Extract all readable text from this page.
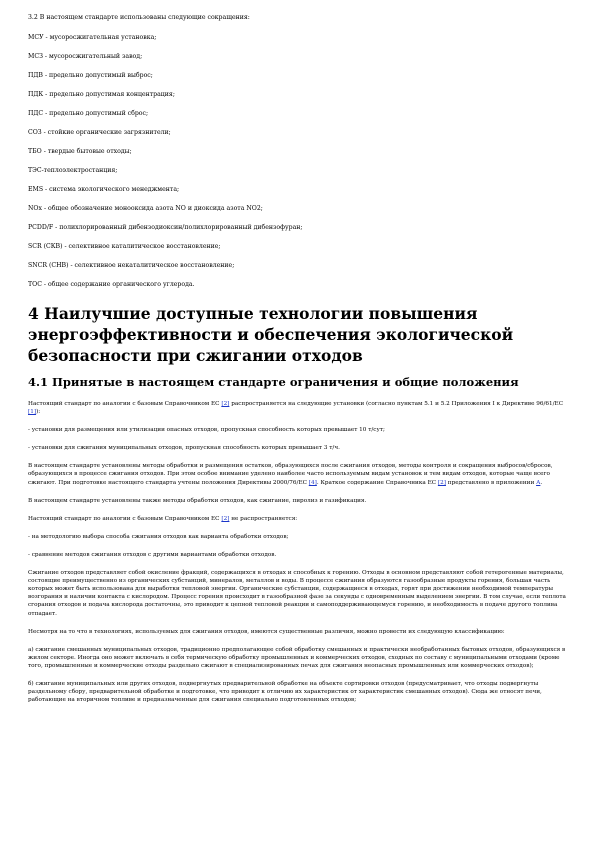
3.2 В настоящем стандарте использованы следующие сокращения:

МСУ - мусоросжигательная установка;

МСЗ - мусоросжигательный завод;

ПДВ - предельно допустимый выброс;

ПДК - предельно допустимая концентрация;

ПДС - предельно допустимый сброс;

СОЗ - стойкие органические загрязнители;

ТБО - твердые бытовые отходы;

ТЭС-теплоэлектростанция;

EMS - система экологического менеджмента;

NOх - общее обозначение монооксида азота NO и диоксида азота NO2;

PCDD/F - полихлорированный дибензодиоксин/полихлорированный дибензофуран;

SCR (СКВ) - селективное каталитическое восстановление;

SNCR (СНВ) - селективное некаталитическое восстановление;

ТОС - общее содержание органического углерода.

4 Наилучшие доступные технологии повышения энергоэффективности и обеспечения экологической безопасности при сжигании отходов
4.1 Принятые в настоящем стандарте ограничения и общие положения

Настоящий стандарт по аналогии с базовым Справочником ЕС [2] распространяется на следующие установки (согласно пунктам 5.1 и 5.2 Приложения I к Директиве 96/61/ЕС [1]):

- установки для размещения или утилизации опасных отходов, пропускная способность которых превышает 10 т/сут;

- установки для сжигания муниципальных отходов, пропускная способность которых превышает 3 т/ч.

В настоящем стандарте установлены методы обработки и размещения остатков, образующихся после сжигания отходов, методы контроля и сокращения выбросов/сбросов, образующихся в процессе сжигания отходов. При этом особое внимание уделено наиболее часто используемым видам установок и тем видам отходов, которые чаще всего сжигают. При подготовке настоящего стандарта учтены положения Директивы 2000/76/ЕС [4]. Краткое содержание Справочника ЕС [2] представлено в приложении А.

В настоящем стандарте установлены также методы обработки отходов, как сжигание, пиролиз и газификация.

Настоящий стандарт по аналогии с базовым Справочником ЕС [2] не распространяется:

- на методологию выбора способа сжигания отходов как варианта обработки отходов;

- сравнение методов сжигания отходов с другими вариантами обработки отходов.

Сжигание отходов представляет собой окисление фракций, содержащихся в отходах и способных к горению. Отходы в основном представляют собой гетерогенные материалы, состоящие преимущественно из органических субстанций, минералов, металлов и воды. В процессе сжигания образуются газообразные продукты горения, большая часть которых может быть использована для выработки тепловой энергии. Органические субстанции, содержащиеся в отходах, горят при достижении необходимой температуры возгорания и наличии контакта с кислородом. Процесс горения происходит в газообразной фазе за секунды с одновременным выделением энергии. В том случае, если теплота сгорания отходов и подача кислорода достаточны, это приводит к цепной тепловой реакции и самоподдерживающемуся горению, и необходимость в подаче другого топлива отпадает.

Несмотря на то что в технологиях, используемых для сжигания отходов, имеются существенные различия, можно провести их следующую классификацию:

а) сжигание смешанных муниципальных отходов, традиционно предполагающее собой обработку смешанных и практически необработанных бытовых отходов, образующихся в жилом секторе. Иногда оно может включать в себя термическую обработку промышленных и коммерческих отходов, сходных по составу с муниципальными отходами (кроме того, промышленные и коммерческие отходы раздельно сжигают в специализированных печах для сжигания неопасных промышленных или коммерческих отходов);

б) сжигание муниципальных или других отходов, подвергнутых предварительной обработке на объекте сортировки отходов (предусматривает, что отходы подвергнуты раздельному сбору, предварительной обработке и подготовке, что приводит к отличию их характеристик от характеристик смешанных отходов). Сюда же относят печи, работающие на вторичном топливе и предназначенные для сжигания специально подготовленных отходов;
